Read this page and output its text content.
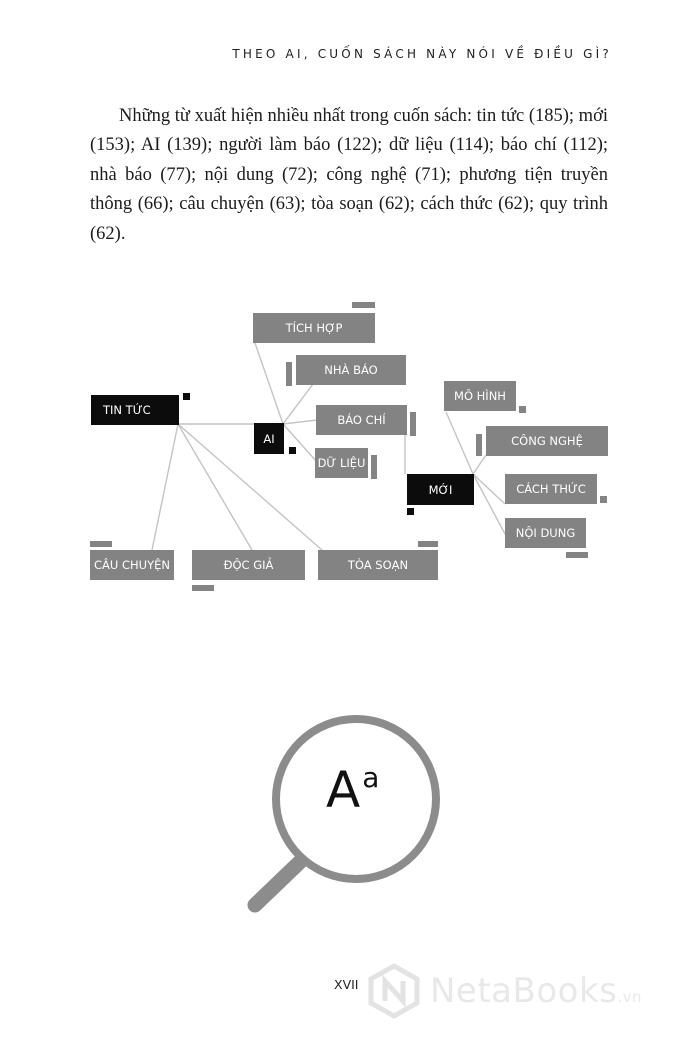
THEO AI, CUỐN SÁCH NÀY NÓI VỀ ĐIỀU GÌ?

Những từ xuất hiện nhiều nhất trong cuốn sách: tin tức (185); mới (153); AI (139); người làm báo (122); dữ liệu (114); báo chí (112); nhà báo (77); nội dung (72); công nghệ (71); phương tiện truyền thông (66); câu chuyện (63); tòa soạn (62); cách thức (62); quy trình (62).

TIN TỨC
AI
MỚI
TÍCH HỢP
NHÀ BÁO
BÁO CHÍ
DỮ LIỆU
MÔ HÌNH
CÔNG NGHỆ
CÁCH THỨC
NỘI DUNG
CÂU CHUYỆN	ĐỘC GIẢ	TÒA SOẠN
$A^a$
XVII NetaBooks.vn
